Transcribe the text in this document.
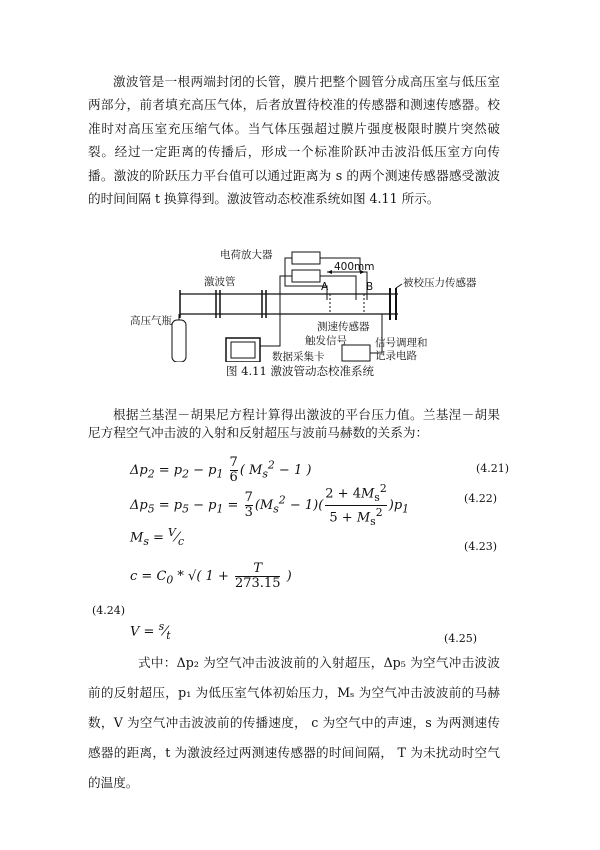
激波管是一根两端封闭的长管，膜片把整个圆管分成高压室与低压室两部分，前者填充高压气体，后者放置待校准的传感器和测速传感器。校准时对高压室充压缩气体。当气体压强超过膜片强度极限时膜片突然破裂。经过一定距离的传播后，形成一个标准阶跃冲击波沿低压室方向传播。激波的阶跃压力平台值可以通过距离为 s 的两个测速传感器感受激波的时间间隔 t 换算得到。激波管动态校准系统如图 4.11 所示。
电荷放大器
激波管
400mm
A	B	被校压力传感器
高压气瓶	测速传感器
触发信号
数据采集卡
信号调理和
记录电路
图 4.11 激波管动态校准系统
根据兰基涅－胡果尼方程计算得出激波的平台压力值。兰基涅－胡果尼方程空气冲击波的入射和反射超压与波前马赫数的关系为：
$\Delta p_2 = p_2 - p_1 \frac{7}{6}$ ( $M_s^2 - 1$ )	(4.21)
$\Delta p_5 = p_5 - p_1 = \frac{7}{3} (M_s^2 - 1)( \frac{2 + 4M_s^2}{5 + M_s^2} )p_1$
(4.22)
$M_s$ = $^V⁄_c$	(4.23)
$c = C_0$ * √( $1 + \frac{T}{273.15}$ )
(4.24)
$V = ^s⁄_t$	(4.25)
式中：Δp₂ 为空气冲击波波前的入射超压，Δp₅ 为空气冲击波波前的反射超压，p₁ 为低压室气体初始压力，Mₛ 为空气冲击波波前的马赫数，V 为空气冲击波波前的传播速度， c 为空气中的声速，s 为两测速传感器的距离，t 为激波经过两测速传感器的时间间隔， T 为未扰动时空气的温度。
